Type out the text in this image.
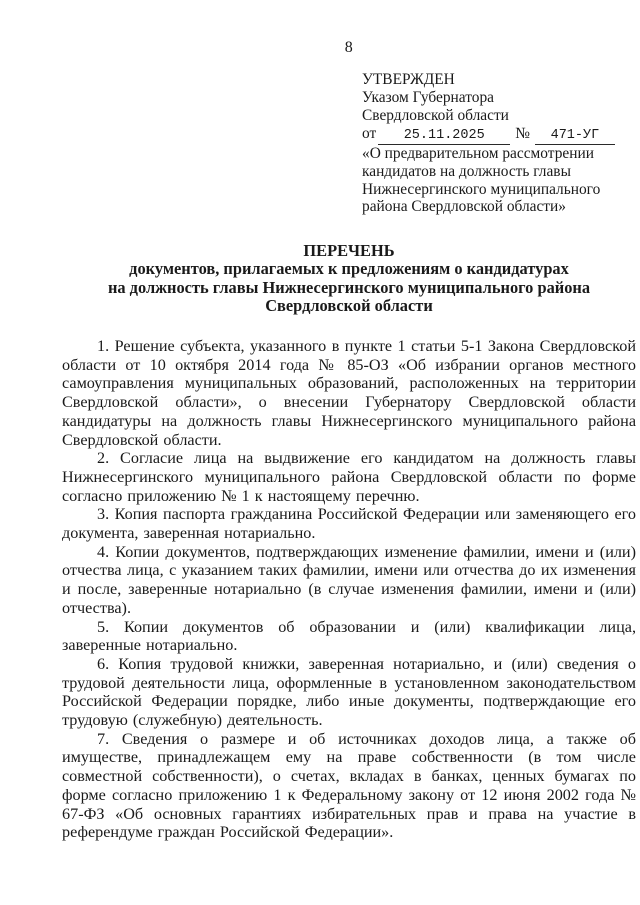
8
УТВЕРЖДЕН
Указом Губернатора
Свердловской области
от 25.11.2025 № 471-УГ
«О предварительном рассмотрении
кандидатов на должность главы
Нижнесергинского муниципального
района Свердловской области»
ПЕРЕЧЕНЬ
документов, прилагаемых к предложениям о кандидатурах
на должность главы Нижнесергинского муниципального района
Свердловской области

1. Решение субъекта, указанного в пункте 1 статьи 5-1 Закона Свердловской области от 10 октября 2014 года № 85-ОЗ «Об избрании органов местного самоуправления муниципальных образований, расположенных на территории Свердловской области», о внесении Губернатору Свердловской области кандидатуры на должность главы Нижнесергинского муниципального района Свердловской области.

2. Согласие лица на выдвижение его кандидатом на должность главы Нижнесергинского муниципального района Свердловской области по форме согласно приложению № 1 к настоящему перечню.

3. Копия паспорта гражданина Российской Федерации или заменяющего его документа, заверенная нотариально.

4. Копии документов, подтверждающих изменение фамилии, имени и (или) отчества лица, с указанием таких фамилии, имени или отчества до их изменения и после, заверенные нотариально (в случае изменения фамилии, имени и (или) отчества).

5. Копии документов об образовании и (или) квалификации лица, заверенные нотариально.

6. Копия трудовой книжки, заверенная нотариально, и (или) сведения о трудовой деятельности лица, оформленные в установленном законодательством Российской Федерации порядке, либо иные документы, подтверждающие его трудовую (служебную) деятельность.

7. Сведения о размере и об источниках доходов лица, а также об имуществе, принадлежащем ему на праве собственности (в том числе совместной собственности), о счетах, вкладах в банках, ценных бумагах по форме согласно приложению 1 к Федеральному закону от 12 июня 2002 года № 67-ФЗ «Об основных гарантиях избирательных прав и права на участие в референдуме граждан Российской Федерации».
